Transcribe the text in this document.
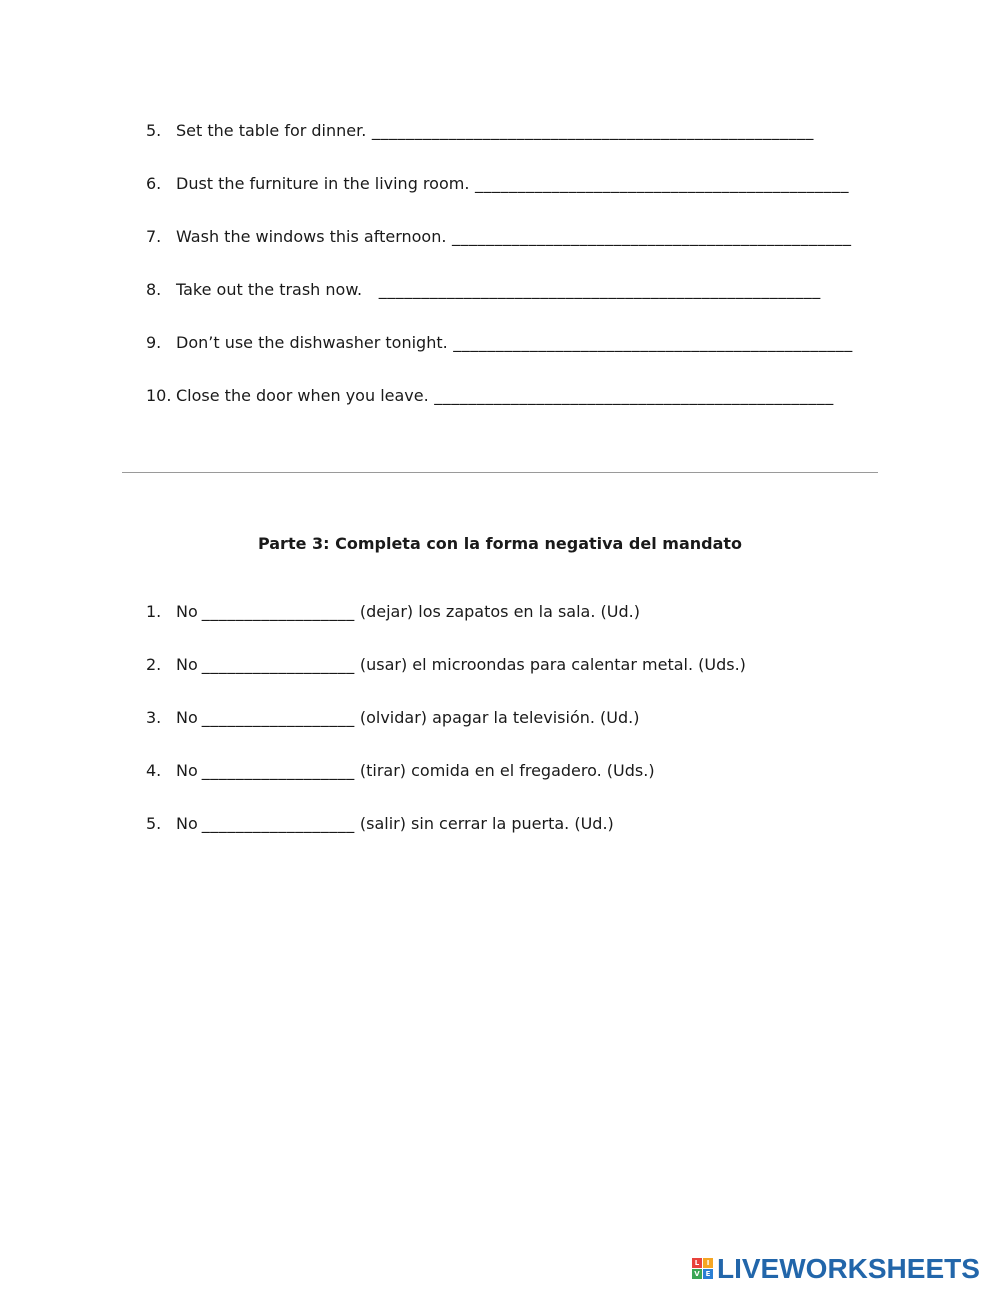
5. Set the table for dinner. ____________________________________________________
6. Dust the furniture in the living room. ____________________________________________
7. Wash the windows this afternoon. _______________________________________________
8. Take out the trash now.   ____________________________________________________
9. Don’t use the dishwasher tonight. _______________________________________________
10. Close the door when you leave. _______________________________________________
Parte 3: Completa con la forma negativa del mandato
1. No __________________ (dejar) los zapatos en la sala. (Ud.)
2. No __________________ (usar) el microondas para calentar metal. (Uds.)
3. No __________________ (olvidar) apagar la televisión. (Ud.)
4. No __________________ (tirar) comida en el fregadero. (Uds.)
5. No __________________ (salir) sin cerrar la puerta. (Ud.)
L	I
V E LIVEWORKSHEETS
